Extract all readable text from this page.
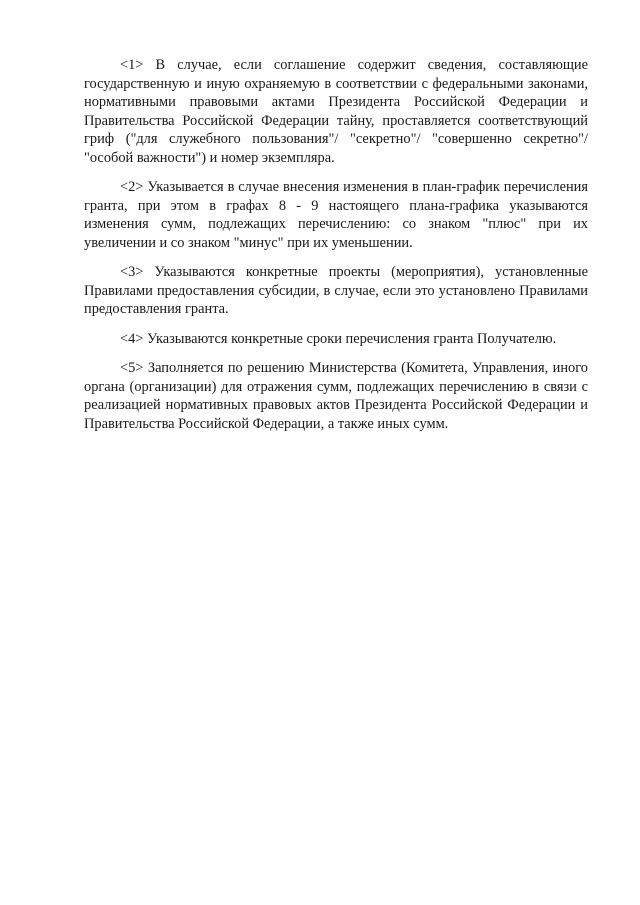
<1> В случае, если соглашение содержит сведения, составляющие государственную и иную охраняемую в соответствии с федеральными законами, нормативными правовыми актами Президента Российской Федерации и Правительства Российской Федерации тайну, проставляется соответствующий гриф ("для служебного пользования"/ "секретно"/ "совершенно секретно"/ "особой важности") и номер экземпляра.

<2> Указывается в случае внесения изменения в план-график перечисления гранта, при этом в графах 8 - 9 настоящего плана-графика указываются изменения сумм, подлежащих перечислению: со знаком "плюс" при их увеличении и со знаком "минус" при их уменьшении.

<3> Указываются конкретные проекты (мероприятия), установленные Правилами предоставления субсидии, в случае, если это установлено Правилами предоставления гранта.

<4> Указываются конкретные сроки перечисления гранта Получателю.

<5> Заполняется по решению Министерства (Комитета, Управления, иного органа (организации) для отражения сумм, подлежащих перечислению в связи с реализацией нормативных правовых актов Президента Российской Федерации и Правительства Российской Федерации, а также иных сумм.
